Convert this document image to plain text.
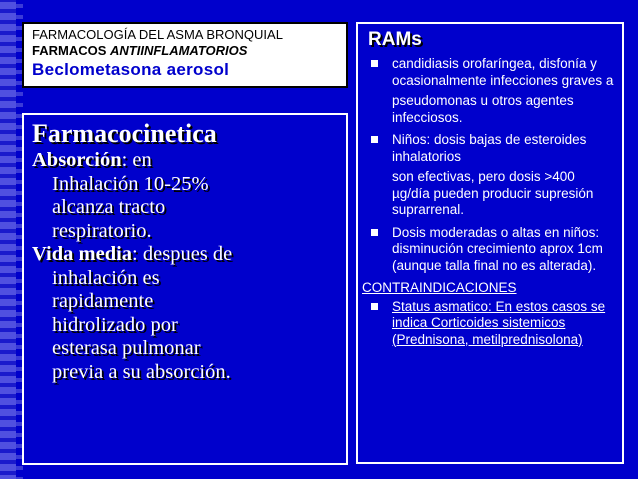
FARMACOLOGÍA DEL ASMA BRONQUIAL
FARMACOS ANTIINFLAMATORIOS
Beclometasona aerosol
Farmacocinetica
Absorción: en
Inhalación 10-25%
alcanza tracto
respiratorio.
Vida media: despues de
inhalación es
rapidamente
hidrolizado por
esterasa pulmonar
previa a su absorción.
RAMs
candidiasis orofaríngea, disfonía y ocasionalmente infecciones graves a
pseudomonas u otros agentes infecciosos.
Niños: dosis bajas de esteroides inhalatorios
son efectivas, pero dosis >400 µg/día pueden producir supresión suprarrenal.
Dosis moderadas o altas en niños: disminución crecimiento aprox 1cm (aunque talla final no es alterada).
CONTRAINDICACIONES
Status asmatico: En estos casos se indica Corticoides sistemicos (Prednisona, metilprednisolona)
